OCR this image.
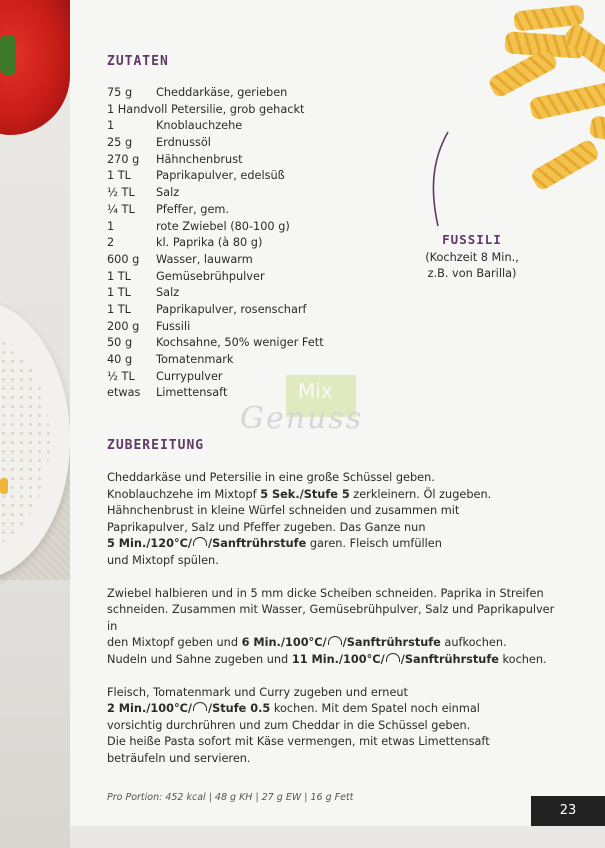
ZUTATEN
75 g Cheddarkäse, gerieben
1 Handvoll Petersilie, grob gehackt
1	Knoblauchzehe
25 g Erdnussöl
270 g Hähnchenbrust
1 TL Paprikapulver, edelsüß
½ TL Salz
¼ TL Pfeffer, gem.
1	rote Zwiebel (80-100 g)
2	kl. Paprika (à 80 g)
600 g Wasser, lauwarm
1 TL Gemüsebrühpulver
1 TL Salz
1 TL Paprikapulver, rosenscharf
200 g Fussili
50 g Kochsahne, 50% weniger Fett
40 g Tomatenmark
½ TL Currypulver
etwas Limettensaft
FUSSILI
(Kochzeit 8 Min.,
z.B. von Barilla)
Mix
Genuss
ZUBEREITUNG

Cheddarkäse und Petersilie in eine große Schüssel geben.
Knoblauchzehe im Mixtopf 5 Sek./Stufe 5 zerkleinern. Öl zugeben.
Hähnchenbrust in kleine Würfel schneiden und zusammen mit
Paprikapulver, Salz und Pfeffer zugeben. Das Ganze nun
5 Min./120°C/ /Sanftrührstufe garen. Fleisch umfüllen
und Mixtopf spülen.

Zwiebel halbieren und in 5 mm dicke Scheiben schneiden. Paprika in Streifen
schneiden. Zusammen mit Wasser, Gemüsebrühpulver, Salz und Paprikapulver in
den Mixtopf geben und 6 Min./100°C/ /Sanftrührstufe aufkochen.
Nudeln und Sahne zugeben und 11 Min./100°C/ /Sanftrührstufe kochen.

Fleisch, Tomatenmark und Curry zugeben und erneut
2 Min./100°C/ /Stufe 0.5 kochen. Mit dem Spatel noch einmal
vorsichtig durchrühren und zum Cheddar in die Schüssel geben.
Die heiße Pasta sofort mit Käse vermengen, mit etwas Limettensaft
beträufeln und servieren.

Pro Portion: 452 kcal | 48 g KH | 27 g EW | 16 g Fett
23
